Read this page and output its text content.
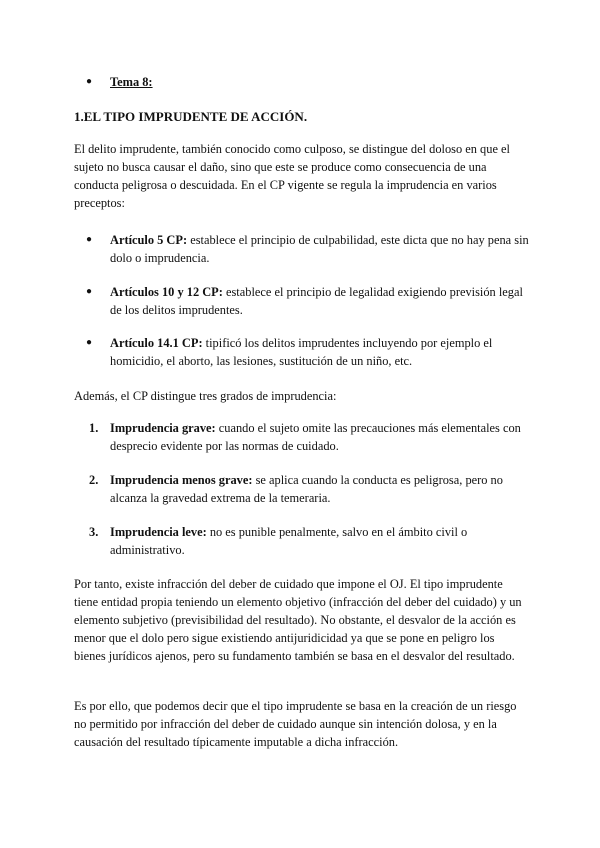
●	Tema 8:
1.EL TIPO IMPRUDENTE DE ACCIÓN.
El delito imprudente, también conocido como culposo, se distingue del doloso en que el sujeto no busca causar el daño, sino que este se produce como consecuencia de una conducta peligrosa o descuidada. En el CP vigente se regula la imprudencia en varios preceptos:
●	Artículo 5 CP: establece el principio de culpabilidad, este dicta que no hay pena sin dolo o imprudencia.
●	Artículos 10 y 12 CP: establece el principio de legalidad exigiendo previsión legal de los delitos imprudentes.
●	Artículo 14.1 CP: tipificó los delitos imprudentes incluyendo por ejemplo el homicidio, el aborto, las lesiones, sustitución de un niño, etc.
Además, el CP distingue tres grados de imprudencia:
1. Imprudencia grave: cuando el sujeto omite las precauciones más elementales con desprecio evidente por las normas de cuidado.
2. Imprudencia menos grave: se aplica cuando la conducta es peligrosa, pero no alcanza la gravedad extrema de la temeraria.
3. Imprudencia leve: no es punible penalmente, salvo en el ámbito civil o administrativo.
Por tanto, existe infracción del deber de cuidado que impone el OJ. El tipo imprudente tiene entidad propia teniendo un elemento objetivo (infracción del deber del cuidado) y un elemento subjetivo (previsibilidad del resultado). No obstante, el desvalor de la acción es menor que el dolo pero sigue existiendo antijuridicidad ya que se pone en peligro los bienes jurídicos ajenos, pero su fundamento también se basa en el desvalor del resultado.
Es por ello, que podemos decir que el tipo imprudente se basa en la creación de un riesgo no permitido por infracción del deber de cuidado aunque sin intención dolosa, y en la causación del resultado típicamente imputable a dicha infracción.
